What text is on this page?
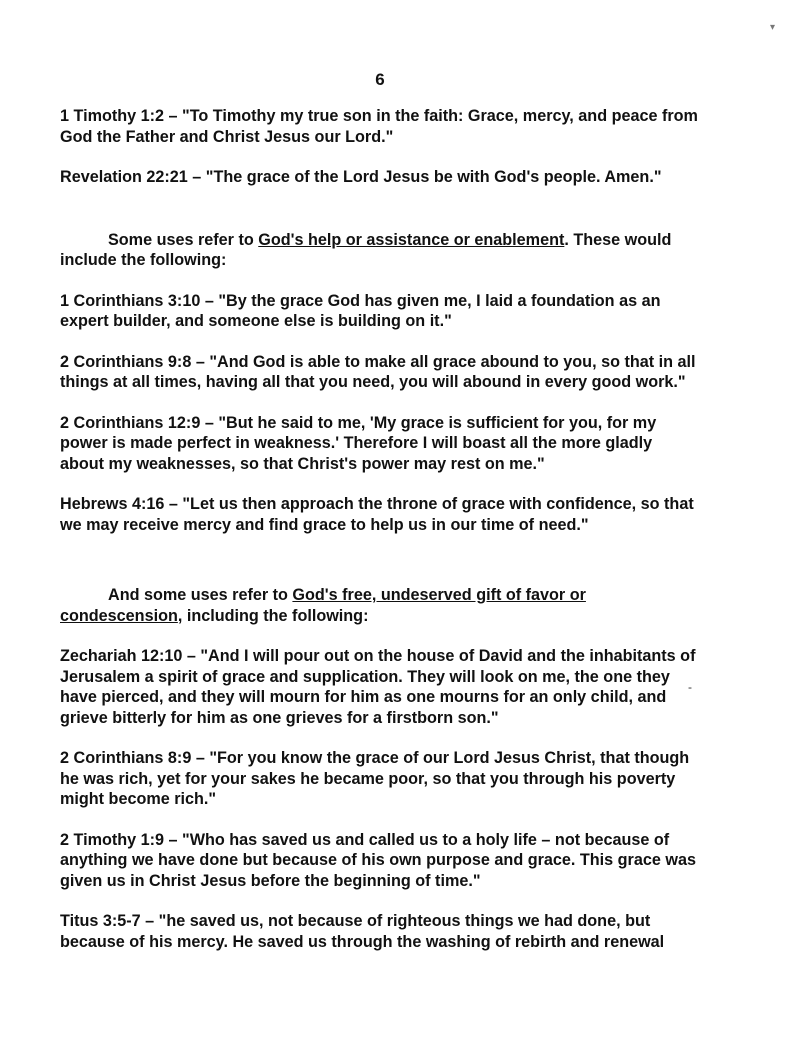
▾
-
6

1 Timothy 1:2 – "To Timothy my true son in the faith: Grace, mercy, and peace from God the Father and Christ Jesus our Lord."

Revelation 22:21 – "The grace of the Lord Jesus be with God's people. Amen."

Some uses refer to God's help or assistance or enablement. These would include the following:

1 Corinthians 3:10 – "By the grace God has given me, I laid a foundation as an expert builder, and someone else is building on it."

2 Corinthians 9:8 – "And God is able to make all grace abound to you, so that in all things at all times, having all that you need, you will abound in every good work."

2 Corinthians 12:9 – "But he said to me, 'My grace is sufficient for you, for my power is made perfect in weakness.' Therefore I will boast all the more gladly about my weaknesses, so that Christ's power may rest on me."

Hebrews 4:16 – "Let us then approach the throne of grace with confidence, so that we may receive mercy and find grace to help us in our time of need."

And some uses refer to God's free, undeserved gift of favor or condescension, including the following:

Zechariah 12:10 – "And I will pour out on the house of David and the inhabitants of Jerusalem a spirit of grace and supplication. They will look on me, the one they have pierced, and they will mourn for him as one mourns for an only child, and grieve bitterly for him as one grieves for a firstborn son."

2 Corinthians 8:9 – "For you know the grace of our Lord Jesus Christ, that though he was rich, yet for your sakes he became poor, so that you through his poverty might become rich."

2 Timothy 1:9 – "Who has saved us and called us to a holy life – not because of anything we have done but because of his own purpose and grace. This grace was given us in Christ Jesus before the beginning of time."

Titus 3:5-7 – "he saved us, not because of righteous things we had done, but because of his mercy. He saved us through the washing of rebirth and renewal
